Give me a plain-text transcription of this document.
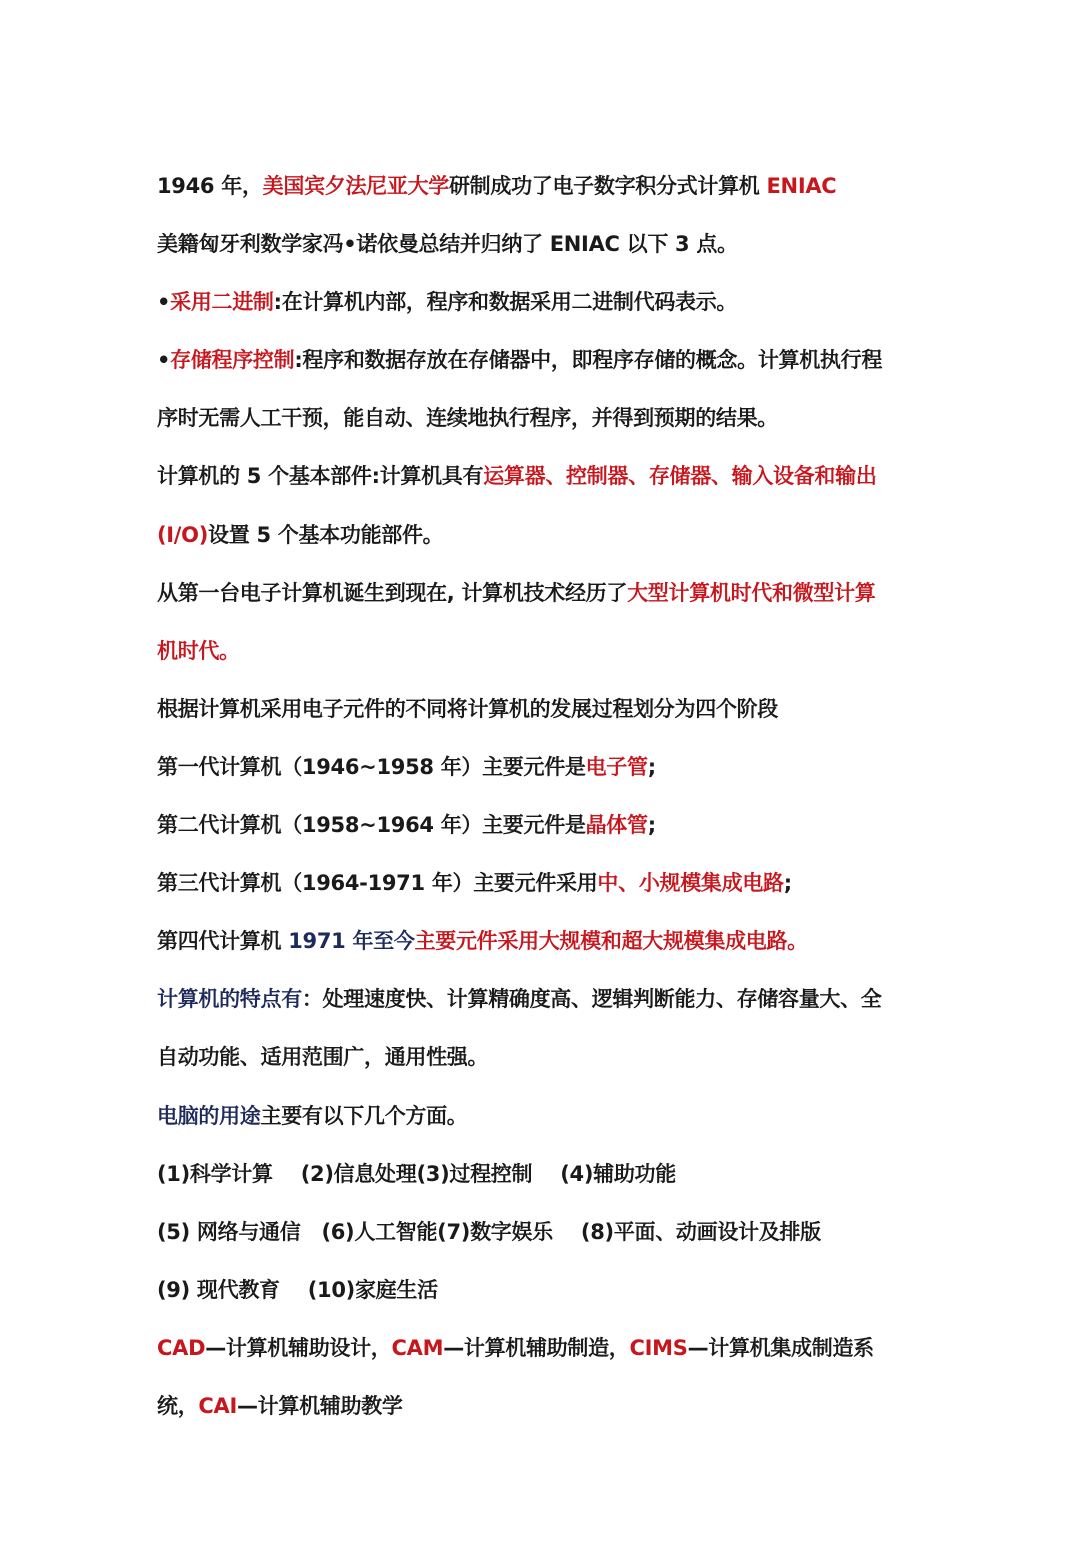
1946 年，美国宾夕法尼亚大学研制成功了电子数字积分式计算机 ENIAC
美籍匈牙利数学家冯•诺依曼总结并归纳了 ENIAC 以下 3 点。
•采用二进制:在计算机内部，程序和数据采用二进制代码表示。
•存储程序控制:程序和数据存放在存储器中，即程序存储的概念。计算机执行程
序时无需人工干预，能自动、连续地执行程序，并得到预期的结果。
计算机的 5 个基本部件:计算机具有运算器、控制器、存储器、输入设备和输出
(I/O)设置 5 个基本功能部件。
从第一台电子计算机诞生到现在, 计算机技术经历了大型计算机时代和微型计算
机时代。
根据计算机采用电子元件的不同将计算机的发展过程划分为四个阶段
第一代计算机（1946~1958 年）主要元件是电子管;
第二代计算机（1958~1964 年）主要元件是晶体管;
第三代计算机（1964-1971 年）主要元件采用中、小规模集成电路;
第四代计算机 1971 年至今主要元件采用大规模和超大规模集成电路。
计算机的特点有：处理速度快、计算精确度高、逻辑判断能力、存储容量大、全
自动功能、适用范围广，通用性强。
电脑的用途主要有以下几个方面。
(1)科学计算    (2)信息处理(3)过程控制    (4)辅助功能
(5) 网络与通信   (6)人工智能(7)数字娱乐    (8)平面、动画设计及排版
(9) 现代教育    (10)家庭生活
CAD—计算机辅助设计，CAM—计算机辅助制造，CIMS—计算机集成制造系
统，CAI—计算机辅助教学
